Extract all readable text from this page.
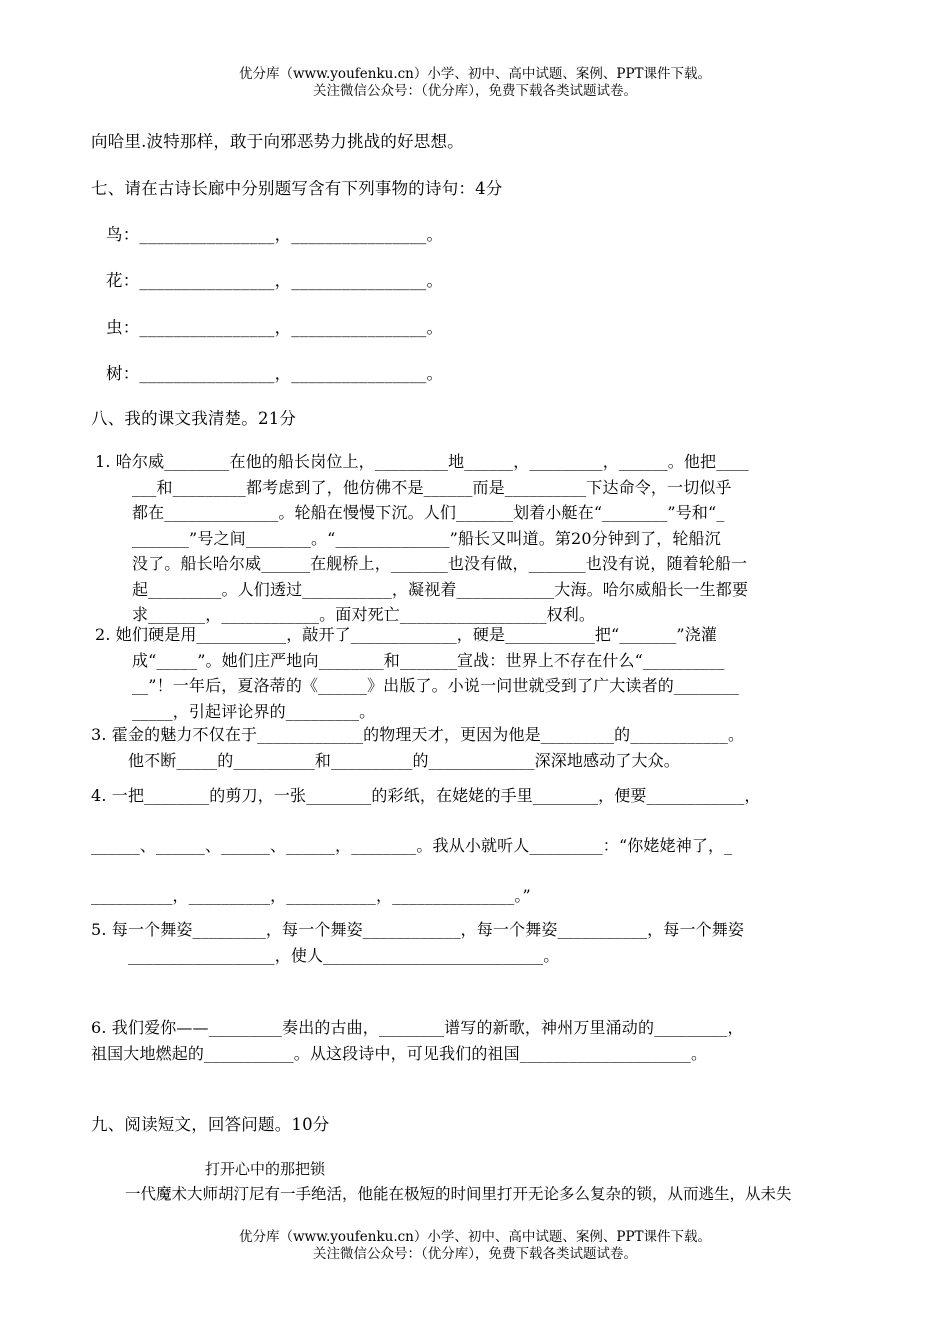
优分库（www.youfenku.cn）小学、初中、高中试题、案例、PPT课件下载。
关注微信公众号：（优分库），免费下载各类试题试卷。
向哈里.波特那样，敢于向邪恶势力挑战的好思想。
七、请在古诗长廊中分别题写含有下列事物的诗句：4分
鸟：________________，________________。
花：________________，________________。
虫：________________，________________。
树：________________，________________。
八、我的课文我清楚。21分
1. 哈尔威________在他的船长岗位上，_________地______，_________，______。他把____
___和_________都考虑到了，他仿佛不是______而是__________下达命令，一切似乎
都在______________。轮船在慢慢下沉。人们_______划着小艇在“________”号和“_
_______”号之间________。“______________”船长又叫道。第20分钟到了，轮船沉
没了。船长哈尔威______在舰桥上，_______也没有做，_______也没有说，随着轮船一
起_________。人们透过___________，凝视着____________大海。哈尔威船长一生都要
求_______，____________。面对死亡__________________权利。
2. 她们硬是用___________，敲开了_____________，硬是___________把“_______”浇灌
成“_____”。她们庄严地向________和_______宣战：世界上不存在什么“__________
__”！一年后，夏洛蒂的《______》出版了。小说一问世就受到了广大读者的________
_____，引起评论界的_________。
3. 霍金的魅力不仅在于_____________的物理天才，更因为他是_________的____________。
他不断_____的__________和__________的_____________深深地感动了大众。
4. 一把________的剪刀，一张________的彩纸，在姥姥的手里________，便要____________，
______、______、______、______，________。我从小就听人_________：“你姥姥神了，_
__________，__________，___________，_______________。”
5. 每一个舞姿_________，每一个舞姿____________，每一个舞姿___________，每一个舞姿
__________________，使人___________________________。
6. 我们爱你——_________奏出的古曲，________谱写的新歌，神州万里涌动的_________，
祖国大地燃起的___________。从这段诗中，可见我们的祖国_____________________。
九、阅读短文，回答问题。10分
打开心中的那把锁
一代魔术大师胡汀尼有一手绝活，他能在极短的时间里打开无论多么复杂的锁，从而逃生，从未失
优分库（www.youfenku.cn）小学、初中、高中试题、案例、PPT课件下载。
关注微信公众号：（优分库），免费下载各类试题试卷。
